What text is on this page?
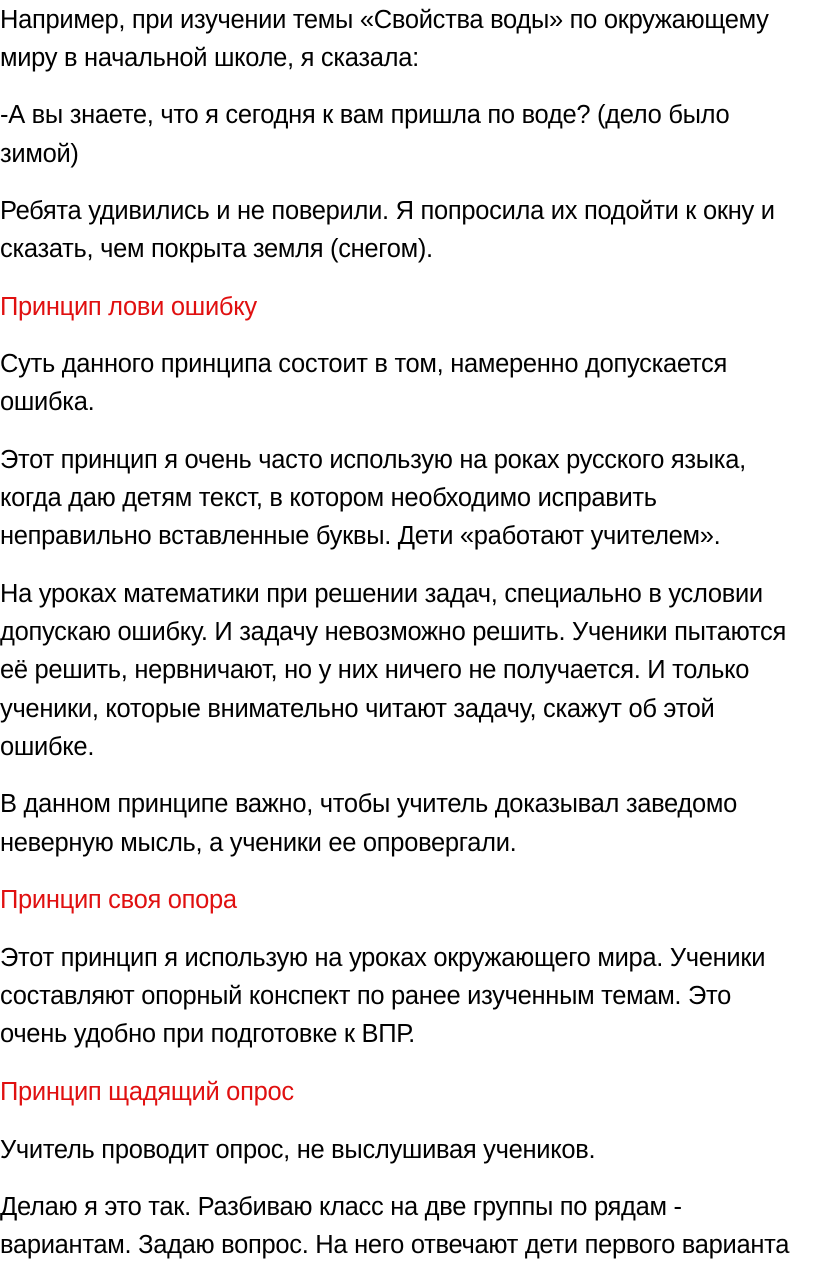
Например, при изучении темы «Свойства воды» по окружающему
миру в начальной школе, я сказала:
-А вы знаете, что я сегодня к вам пришла по воде? (дело было
зимой)
Ребята удивились и не поверили. Я попросила их подойти к окну и
сказать, чем покрыта земля (снегом).
Принцип лови ошибку
Суть данного принципа состоит в том, намеренно допускается
ошибка.
Этот принцип я очень часто использую на роках русского языка,
когда даю детям текст, в котором необходимо исправить
неправильно вставленные буквы. Дети «работают учителем».
На уроках математики при решении задач, специально в условии
допускаю ошибку. И задачу невозможно решить. Ученики пытаются
её решить, нервничают, но у них ничего не получается. И только
ученики, которые внимательно читают задачу, скажут об этой
ошибке.
В данном принципе важно, чтобы учитель доказывал заведомо
неверную мысль, а ученики ее опровергали.
Принцип своя опора
Этот принцип я использую на уроках окружающего мира. Ученики
составляют опорный конспект по ранее изученным темам. Это
очень удобно при подготовке к ВПР.
Принцип щадящий опрос
Учитель проводит опрос, не выслушивая учеников.
Делаю я это так. Разбиваю класс на две группы по рядам -
вариантам. Задаю вопрос. На него отвечают дети первого варианта
